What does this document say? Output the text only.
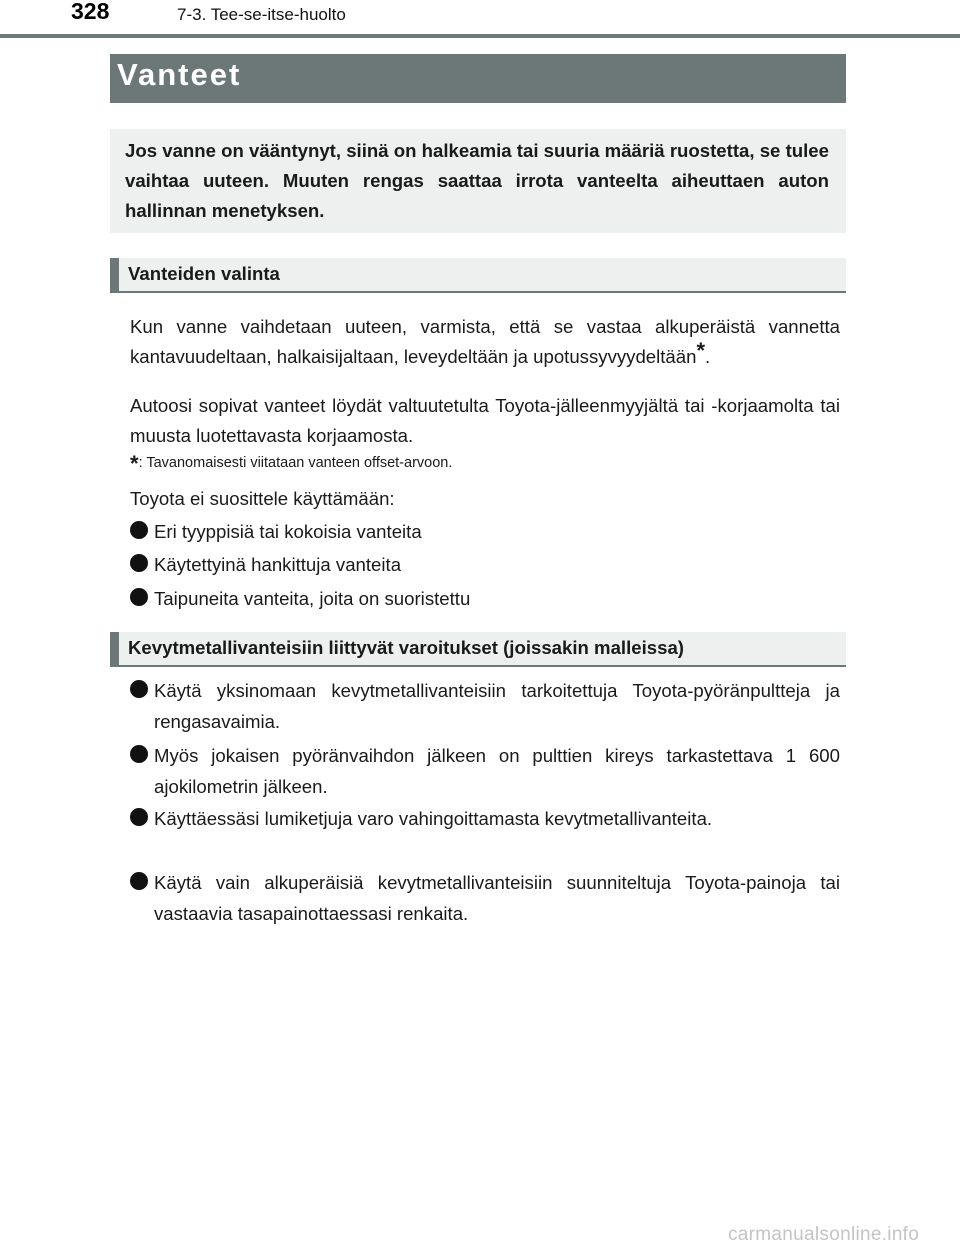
328	7-3. Tee-se-itse-huolto
Vanteet
Jos vanne on vääntynyt, siinä on halkeamia tai suuria määriä ruostetta, se tulee vaihtaa uuteen. Muuten rengas saattaa irrota vanteelta aiheuttaen auton hallinnan menetyksen.
Vanteiden valinta
Kun vanne vaihdetaan uuteen, varmista, että se vastaa alkuperäistä vannetta kantavuudeltaan, halkaisijaltaan, leveydeltään ja upotussyvyydeltään*.
Autoosi sopivat vanteet löydät valtuutetulta Toyota-jälleenmyyjältä tai -korjaamolta tai muusta luotettavasta korjaamosta.
*: Tavanomaisesti viitataan vanteen offset-arvoon.
Toyota ei suosittele käyttämään:
Eri tyyppisiä tai kokoisia vanteita
Käytettyinä hankittuja vanteita
Taipuneita vanteita, joita on suoristettu
Kevytmetallivanteisiin liittyvät varoitukset (joissakin malleissa)
Käytä yksinomaan kevytmetallivanteisiin tarkoitettuja Toyota-pyöränpultteja ja rengasavaimia.
Myös jokaisen pyöränvaihdon jälkeen on pulttien kireys tarkastettava 1 600 ajokilometrin jälkeen.
Käyttäessäsi lumiketjuja varo vahingoittamasta kevytmetallivanteita.
Käytä vain alkuperäisiä kevytmetallivanteisiin suunniteltuja Toyota-painoja tai vastaavia tasapainottaessasi renkaita.
carmanualsonline.info
